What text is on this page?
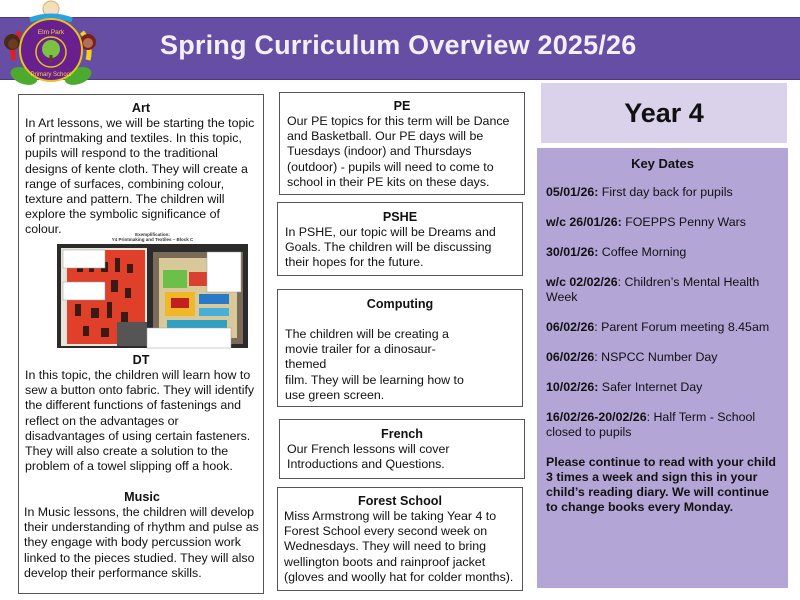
Spring Curriculum Overview 2025/26
Elm Park
Primary School
Art

In Art lessons, we will be starting the topic of printmaking and textiles. In this topic, pupils will respond to the traditional designs of kente cloth. They will create a range of surfaces, combining colour, texture and pattern. The children will explore the symbolic significance of colour.

DT

In this topic, the children will learn how to sew a button onto fabric. They will identify the different functions of fastenings and reflect on the advantages or disadvantages of using certain fasteners. They will also create a solution to the problem of a towel slipping off a hook.

Exemplification:
Y4 Printmaking and Textiles – Block C
Music

In Music lessons, the children will develop their understanding of rhythm and pulse as they engage with body percussion work linked to the pieces studied. They will also develop their performance skills.

PE

Our PE topics for this term will be Dance and Basketball. Our PE days will be Tuesdays (indoor) and Thursdays (outdoor) - pupils will need to come to school in their PE kits on these days.

PSHE

In PSHE, our topic will be Dreams and Goals. The children will be discussing their hopes for the future.

Computing

The children will be creating a movie trailer for a dinosaur-themed

film. They will be learning how to use green screen.

French

Our French lessons will cover Introductions and Questions.

Forest School

Miss Armstrong will be taking Year 4 to Forest School every second week on Wednesdays. They will need to bring wellington boots and rainproof jacket (gloves and woolly hat for colder months).

Year 4
Key Dates
05/01/26: First day back for pupils
w/c 26/01/26: FOEPPS Penny Wars
30/01/26: Coffee Morning
w/c 02/02/26: Children’s Mental Health Week
06/02/26: Parent Forum meeting 8.45am
06/02/26: NSPCC Number Day
10/02/26: Safer Internet Day
16/02/26-20/02/26: Half Term - School closed to pupils

Please continue to read with your child 3 times a week and sign this in your child’s reading diary. We will continue to change books every Monday.
